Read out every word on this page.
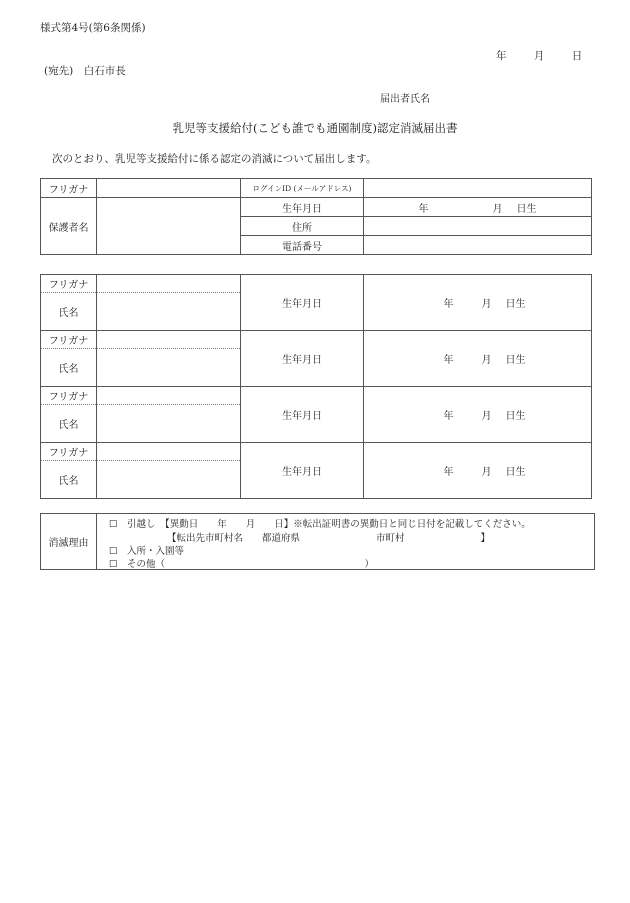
様式第4号(第6条関係)
年	月	日
(宛先)　白石市長
届出者氏名
乳児等支援給付(こども誰でも通園制度)認定消滅届出書
次のとおり、乳児等支援給付に係る認定の消滅について届出します。
フリガナ		ログインID (メールアドレス)	
保護者名		生年月日	年 月 日生
		住所	
		電話番号	
フリガナ		生年月日	年 月 日生
氏名			
フリガナ		生年月日	年 月 日生
氏名			
フリガナ		生年月日	年 月 日生
氏名			
フリガナ		生年月日	年 月 日生
氏名			
消滅理由	
☐　引越し　【異動日　　年　　月　　日】※転出証明書の異動日と同じ日付を記載してください。
【転出先市町村名　　都道府県　　　　　　　　市町村　　　　　　　　】
☐　入所・入園等
☐　その他（　　　　　　　　　　　　　　　　　　　　　）
